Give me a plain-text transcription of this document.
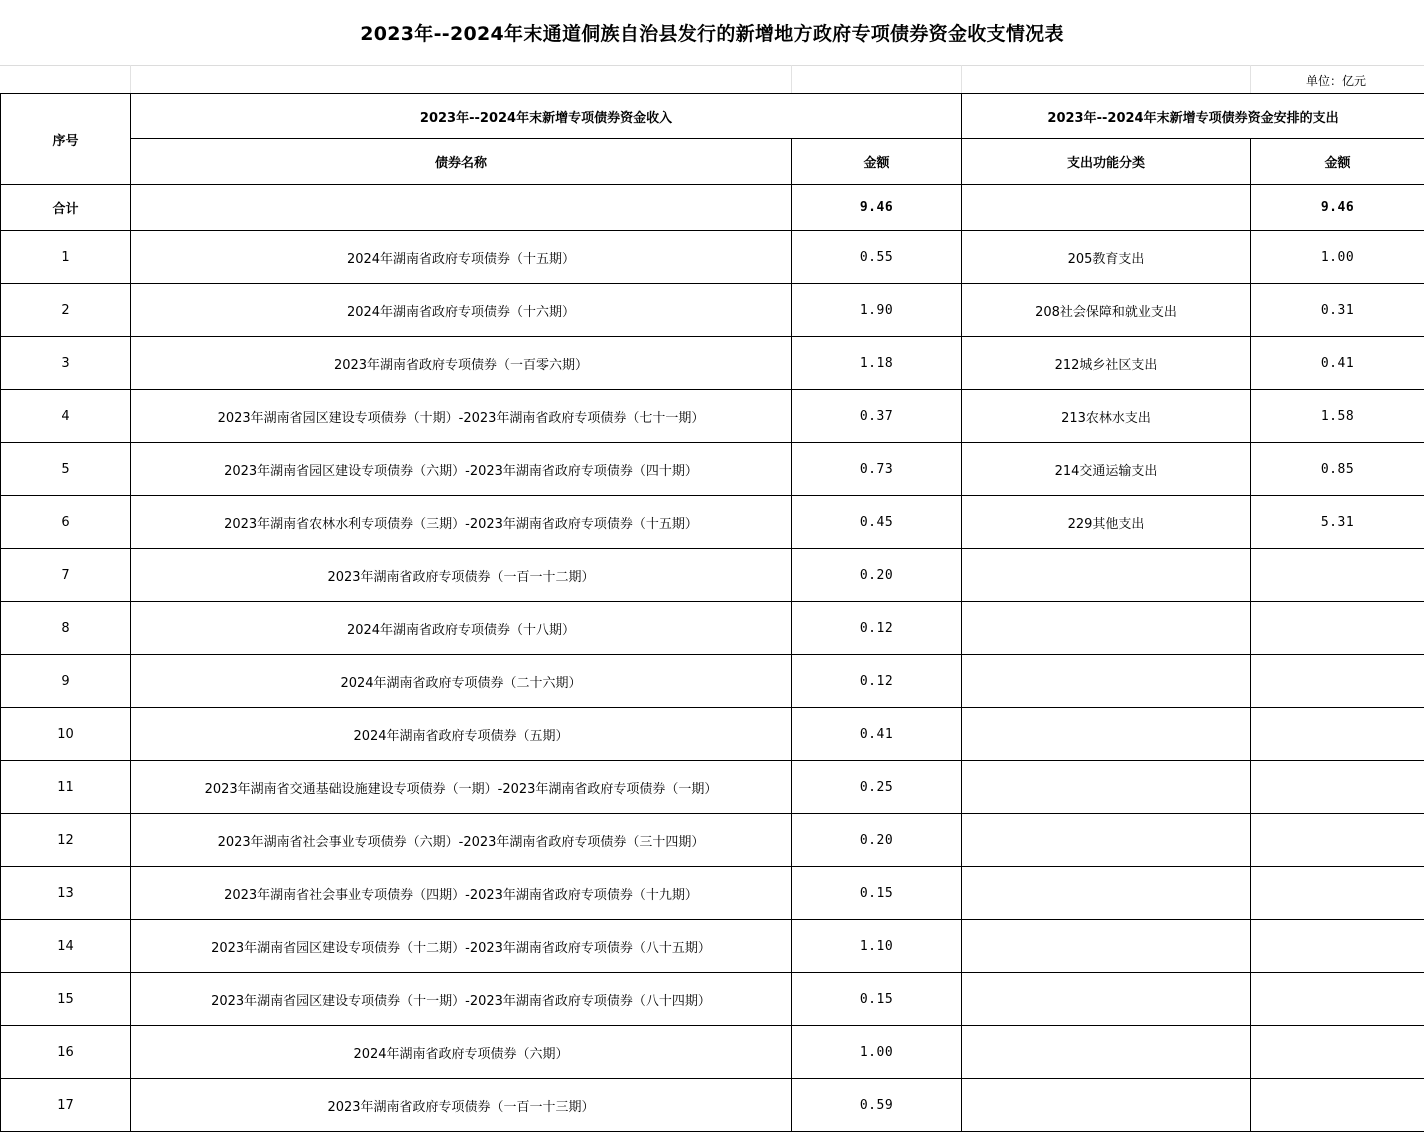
2023年--2024年末通道侗族自治县发行的新增地方政府专项债券资金收支情况表
单位：亿元
序号	2023年--2024年末新增专项债券资金收入		2023年--2024年末新增专项债券资金安排的支出	
	债券名称	金额	支出功能分类	金额
合计		9.46		9.46
1	2024年湖南省政府专项债券（十五期）	0.55	205教育支出	1.00
2	2024年湖南省政府专项债券（十六期）	1.90	208社会保障和就业支出	0.31
3	2023年湖南省政府专项债券（一百零六期）	1.18	212城乡社区支出	0.41
4	2023年湖南省园区建设专项债券（十期）-2023年湖南省政府专项债券（七十一期）	0.37	213农林水支出	1.58
5	2023年湖南省园区建设专项债券（六期）-2023年湖南省政府专项债券（四十期）	0.73	214交通运输支出	0.85
6	2023年湖南省农林水利专项债券（三期）-2023年湖南省政府专项债券（十五期）	0.45	229其他支出	5.31
7	2023年湖南省政府专项债券（一百一十二期）	0.20		
8	2024年湖南省政府专项债券（十八期）	0.12		
9	2024年湖南省政府专项债券（二十六期）	0.12		
10	2024年湖南省政府专项债券（五期）	0.41		
11	2023年湖南省交通基础设施建设专项债券（一期）-2023年湖南省政府专项债券（一期）	0.25		
12	2023年湖南省社会事业专项债券（六期）-2023年湖南省政府专项债券（三十四期）	0.20		
13	2023年湖南省社会事业专项债券（四期）-2023年湖南省政府专项债券（十九期）	0.15		
14	2023年湖南省园区建设专项债券（十二期）-2023年湖南省政府专项债券（八十五期）	1.10		
15	2023年湖南省园区建设专项债券（十一期）-2023年湖南省政府专项债券（八十四期）	0.15		
16	2024年湖南省政府专项债券（六期）	1.00		
17	2023年湖南省政府专项债券（一百一十三期）	0.59		
